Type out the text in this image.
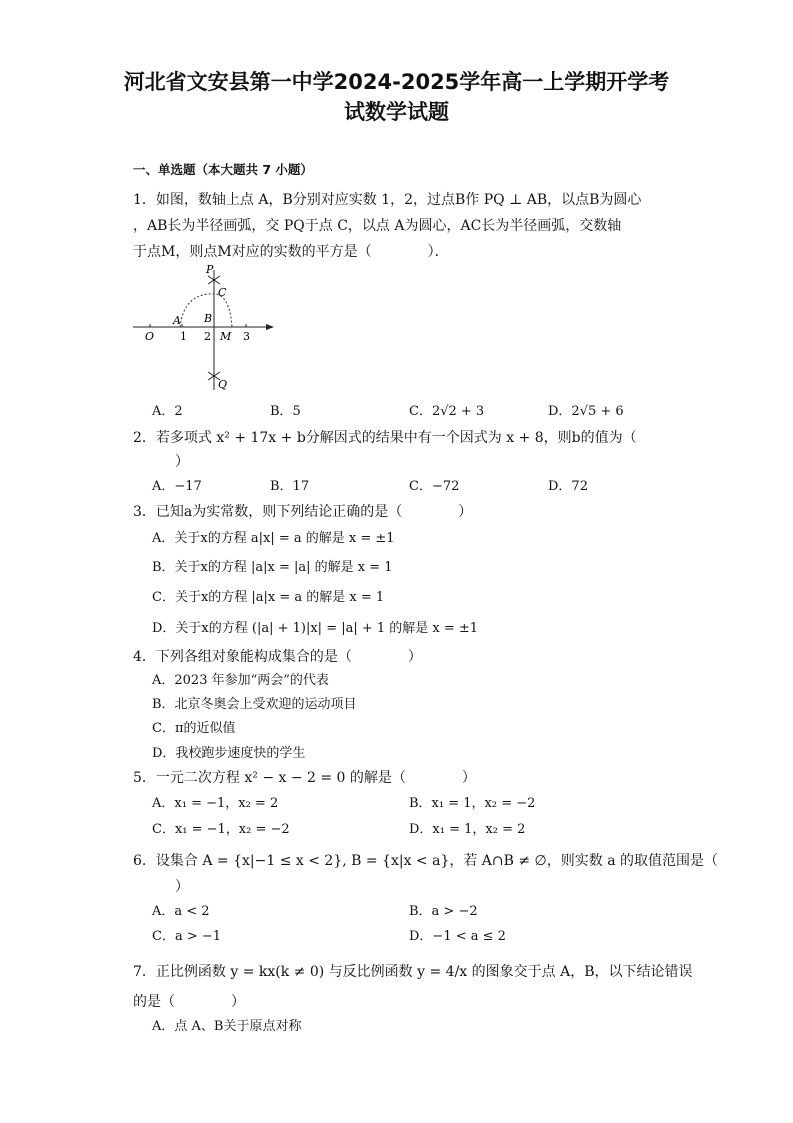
河北省文安县第一中学2024-2025学年高一上学期开学考
试数学试题
一、单选题（本大题共 7 小题）
1．如图，数轴上点 A，B分别对应实数 1，2，过点B作 PQ ⊥ AB，以点B为圆心
，AB长为半径画弧，交 PQ于点 C，以点 A为圆心，AC长为半径画弧，交数轴
于点M，则点M对应的实数的平方是（　　　　）．
P
C
A B
O 1 2 M 3
Q
A．2	B．5	C．2√2 + 3	D．2√5 + 6
2．若多项式 x² + 17x + b分解因式的结果中有一个因式为 x + 8，则b的值为（
　　　）
A．−17	B．17	C．−72	D．72
3．已知a为实常数，则下列结论正确的是（　　　　）
A．关于x的方程 a|x| = a 的解是 x = ±1
B．关于x的方程 |a|x = |a| 的解是 x = 1
C．关于x的方程 |a|x = a 的解是 x = 1
D．关于x的方程 (|a| + 1)|x| = |a| + 1 的解是 x = ±1
4．下列各组对象能构成集合的是（　　　　）
A．2023 年参加“两会”的代表
B．北京冬奥会上受欢迎的运动项目
C．π的近似值
D．我校跑步速度快的学生
5．一元二次方程 x² − x − 2 = 0 的解是（　　　　）
A．x₁ = −1，x₂ = 2	B．x₁ = 1，x₂ = −2
C．x₁ = −1，x₂ = −2	D．x₁ = 1，x₂ = 2
6．设集合 A = {x|−1 ≤ x < 2}, B = {x|x < a}，若 A∩B ≠ ∅，则实数 a 的取值范围是（
　　　）
A．a < 2	B．a > −2
C．a > −1	D．−1 < a ≤ 2
7．正比例函数 y = kx(k ≠ 0) 与反比例函数 y = 4/x 的图象交于点 A，B，以下结论错误
的是（　　　　）
A．点 A、B关于原点对称
